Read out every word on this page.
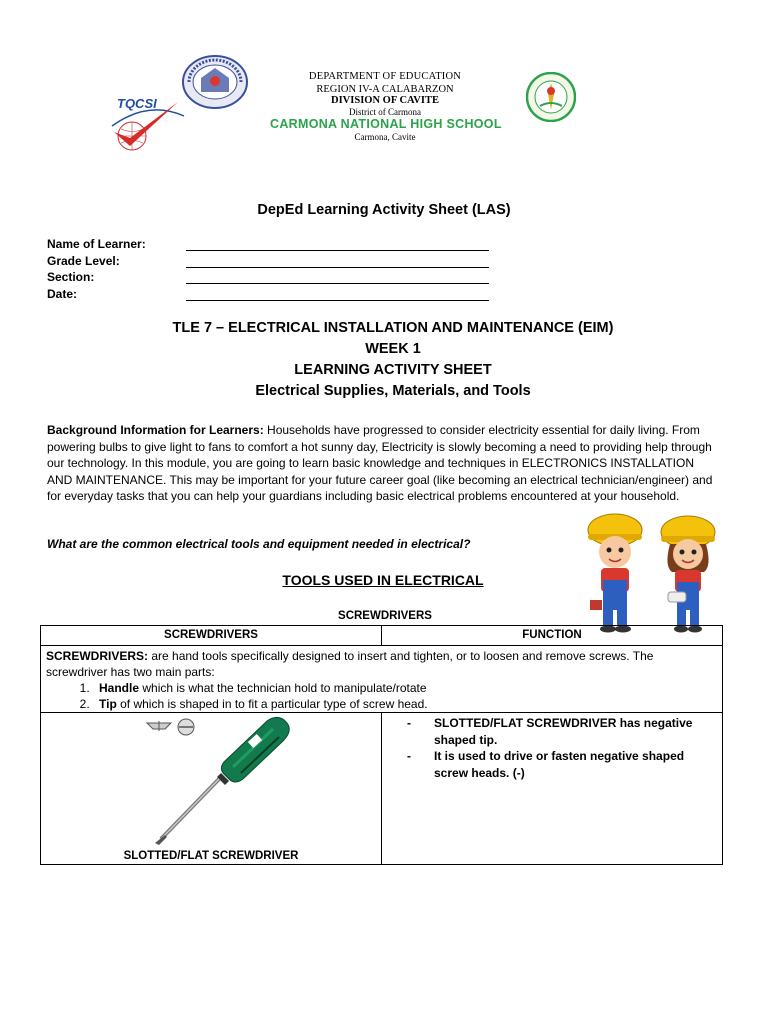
TQCSI
DEPARTMENT OF EDUCATION
REGION IV-A CALABARZON
DIVISION OF CAVITE
District of Carmona
CARMONA NATIONAL HIGH SCHOOL
Carmona, Cavite
DepEd Learning Activity Sheet (LAS)
Name of Learner:
Grade Level:
Section:
Date:
TLE 7 – ELECTRICAL INSTALLATION AND MAINTENANCE (EIM)
WEEK 1
LEARNING ACTIVITY SHEET
Electrical Supplies, Materials, and Tools
Background Information for Learners: Households have progressed to consider electricity essential for daily living. From powering bulbs to give light to fans to comfort a hot sunny day, Electricity is slowly becoming a need to providing help through our technology. In this module, you are going to learn basic knowledge and techniques in ELECTRONICS INSTALLATION AND MAINTENANCE. This may be important for your future career goal (like becoming an electrical technician/engineer) and for everyday tasks that you can help your guardians including basic electrical problems encountered at your household.
What are the common electrical tools and equipment needed in electrical?
TOOLS USED IN ELECTRICAL
SCREWDRIVERS
SCREWDRIVERS	FUNCTION
SCREWDRIVERS: are hand tools specifically designed to insert and tighten, or to loosen and remove screws. The screwdriver has two main parts:
1. Handle which is what the technician hold to manipulate/rotate
2. Tip of which is shaped in to fit a particular type of screw head.
-	SLOTTED/FLAT SCREWDRIVER has negative shaped tip.
-	It is used to drive or fasten negative shaped screw heads. (-)
SLOTTED/FLAT SCREWDRIVER
